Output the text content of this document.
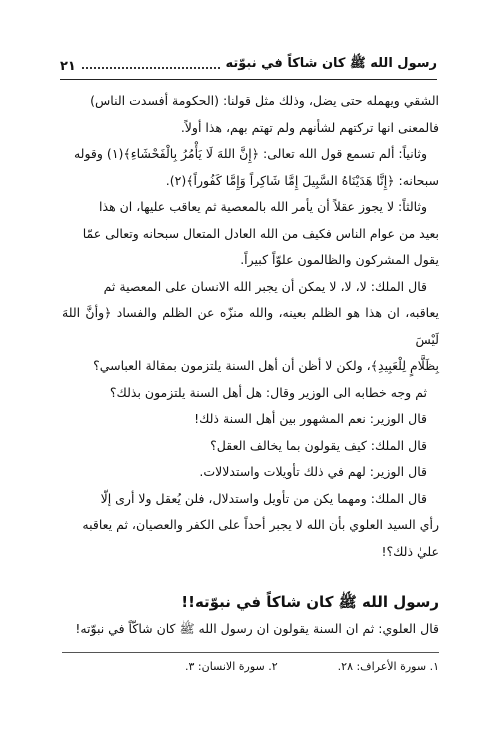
رسول الله ﷺ كان شاكاً في نبوّته
٢١

الشقي ويهمله حتى يضل، وذلك مثل قولنا: (الحكومة أفسدت الناس)

فالمعنى انها تركتهم لشأنهم ولم تهتم بهم، هذا أولاً.

وثانياً: ألم تسمع قول الله تعالى: ﴿إِنَّ اللهَ لَا يَأْمُرُ بِالْفَحْشَاءِ﴾(١) وقوله

سبحانه: ﴿إِنَّا هَدَيْنَاهُ السَّبِيلَ إِمَّا شَاكِراً وَإِمَّا كَفُوراً﴾(٢).

وثالثاً: لا يجوز عقلاً أن يأمر الله بالمعصية ثم يعاقب عليها، ان هذا

بعيد من عوام الناس فكيف من الله العادل المتعال سبحانه وتعالى عمّا

يقول المشركون والظالمون علوّاً كبيراً.

قال الملك: لا، لا، لا يمكن أن يجبر الله الانسان على المعصية ثم

يعاقبه، ان هذا هو الظلم بعينه، والله منزّه عن الظلم والفساد ﴿وأنَّ اللهَ لَيْسَ

بِظَلَّامٍ لِلْعَبِيدِ﴾، ولكن لا أظن أن أهل السنة يلتزمون بمقالة العباسي؟

ثم وجه خطابه الى الوزير وقال: هل أهل السنة يلتزمون بذلك؟

قال الوزير: نعم المشهور بين أهل السنة ذلك!

قال الملك: كيف يقولون بما يخالف العقل؟

قال الوزير: لهم في ذلك تأويلات واستدلالات.

قال الملك: ومهما يكن من تأويل واستدلال، فلن يُعقل ولا أرى إلّا

رأي السيد العلوي بأن الله لا يجبر أحداً على الكفر والعصيان، ثم يعاقبه

عليٰ ذلك؟!

رسول الله ﷺ كان شاكاً في نبوّته!!
قال العلوي: ثم ان السنة يقولون ان رسول الله ﷺ كان شاكّاً في نبوّته!
١. سورة الأعراف: ٢٨.
٢. سورة الانسان: ٣.
